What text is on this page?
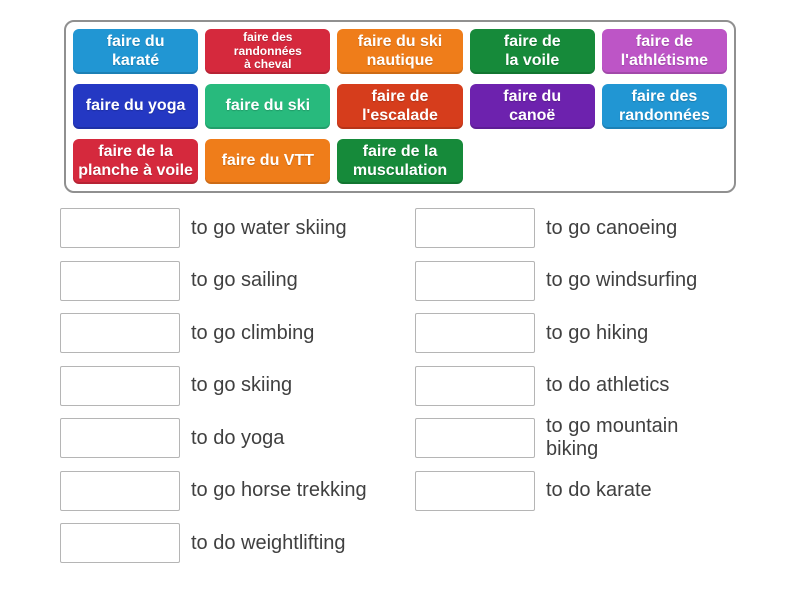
faire du
karaté
faire des
randonnées
à cheval
faire du ski
nautique
faire de
la voile
faire de
l'athlétisme
faire du yoga	faire du ski
faire de
l'escalade
faire du
canoë
faire des
randonnées
faire de la
planche à voile
faire du VTT
faire de la
musculation
to go water skiing
to go sailing
to go climbing
to go skiing
to do yoga
to go horse trekking
to do weightlifting
to go canoeing
to go windsurfing
to go hiking
to do athletics
to go mountain biking
to do karate
